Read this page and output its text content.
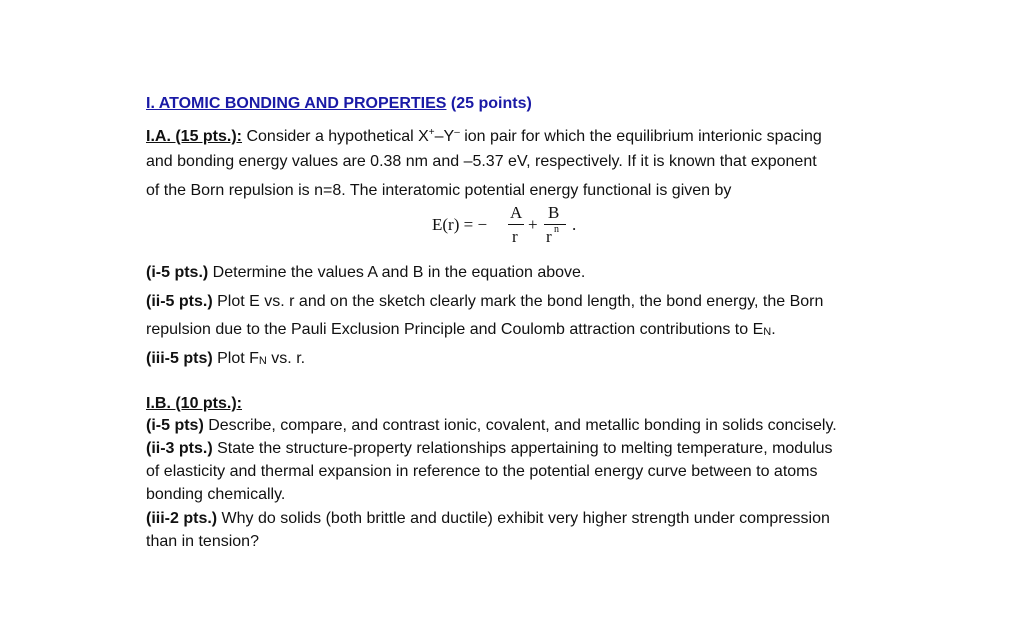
I. ATOMIC BONDING AND PROPERTIES (25 points)
I.A. (15 pts.): Consider a hypothetical X+–Y– ion pair for which the equilibrium interionic spacing
and bonding energy values are 0.38 nm and –5.37 eV, respectively. If it is known that exponent
of the Born repulsion is n=8. The interatomic potential energy functional is given by
E(r) = −
A
r
+
B
r n .
(i-5 pts.) Determine the values A and B in the equation above.
(ii-5 pts.) Plot E vs. r and on the sketch clearly mark the bond length, the bond energy, the Born
repulsion due to the Pauli Exclusion Principle and Coulomb attraction contributions to EN.
(iii-5 pts) Plot FN vs. r.
I.B. (10 pts.):
(i-5 pts) Describe, compare, and contrast ionic, covalent, and metallic bonding in solids concisely.
(ii-3 pts.) State the structure-property relationships appertaining to melting temperature, modulus
of elasticity and thermal expansion in reference to the potential energy curve between to atoms
bonding chemically.
(iii-2 pts.) Why do solids (both brittle and ductile) exhibit very higher strength under compression
than in tension?
